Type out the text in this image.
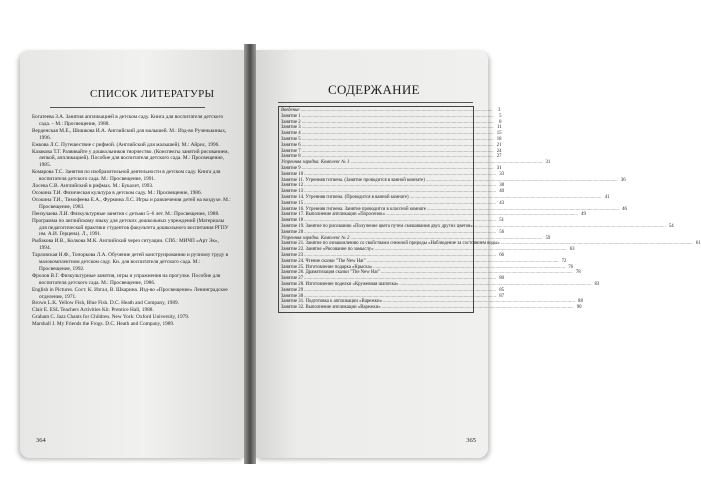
СПИСОК ЛИТЕРАТУРЫ

Богатеева З.А. Занятия аппликацией в детском саду. Книга для воспитателя детского сада. – М.: Просвещение, 1988.

Верденская М.Е., Шишкова И.А. Английский для малышей. М.: Изд-во Рученькиных, 1996.

Ежкова Л.С. Путешествие с рифмой. (Английский для малышей). М.: Айрис, 1996.

Казакова Т.Г. Развивайте у дошкольников творчество. (Конспекты занятий рисованием, лепкой, аппликацией). Пособие для воспитателя детского сада. М.: Просвещение, 1985.

Комарова Т.С. Занятия по изобразительной деятельности в детском саду. Книга для воспитателя детского сада. М.: Просвещение, 1991.

Лосева С.В. Английский в рифмах. М.: Букалет, 1993.

Осокина Т.И. Физическая культура в детском саду. М.: Просвещение, 1986.

Осокина Т.И., Тимофеева Е.А., Фурмина Л.С. Игры и развлечения детей на воздухе. М.: Просвещение, 1983.

Пензулаева Л.И. Физкультурные занятия с детьми 5–6 лет. М.: Просвещение, 1988.

Программа по английскому языку для детских дошкольных учреждений (Материалы для педагогической практики студентов факультета дошкольного воспитания РГПУ им. А.И. Герцена). Л., 1991.

Рыбакова И.В., Колкова М.К. Английский через ситуации. СПб.: МИЧП «Арт Эк», 1994.

Тарловская Н.Ф., Топоркова Л.А. Обучение детей конструированию и ручному труду в малокомплектном детском саду. Кн. для воспитателя детского сада. М.: Просвещение, 1992.

Фролов В.Г. Физкультурные занятия, игры и упражнения на прогулке. Пособие для воспитателя детского сада. М.: Просвещение, 1986.

English in Pictures. Сост. К. Изгал, В. Шкарина. Изд-во «Просвещение» Ленинградское отделение, 1971.

Brown L.K. Yellow Fish, Blue Fish. D.C. Heath and Company, 1989.

Clair E. ESL Teachers Activities Kit. Prentice Hall, 1988.

Graham C. Jazz Chants for Children. New York: Oxford University, 1979.

Marshall J. My Friends the Frogs. D.C. Heath and Company, 1989.

364
СОДЕРЖАНИЕ
Введение .....	3
Занятие 1 .....	5
Занятие 2 .....	8
Занятие 3 .....	11
Занятие 4 .....	15
Занятие 5 .....	18
Занятие 6 .....	21
Занятие 7 .....	24
Занятие 8 .....	27
Утренняя зарядка. Комплекс № 1 .....	31
Занятие 9 .....	31
Занятие 10 .....	33
Занятие 11. Утренняя гигиена. (Занятие проводится в ванной комнате) .....	36
Занятие 12 .....	38
Занятие 13 .....	40
Занятие 14. Утренняя гигиена. (Проводится в ванной комнате) .....	41
Занятие 15 .....	43
Занятие 16. Утренняя гигиена. Занятие проводится в классной комнате .....	46
Занятие 17. Выполнение аппликации «Поросенок» .....	49
Занятие 18 .....	51
Занятие 19. Занятие по рисованию «Получение цвета путем смешивания двух других цветов» .....	54
Занятие 20 .....	56
Утренняя зарядка. Комплекс № 2 .....	59
Занятие 21. Занятие по ознакомлению со свойствами снежной природы «Наблюдение за состоянием воды» .....	61
Занятие 22. Занятие «Рисование по замыслу» .....	63
Занятие 23 .....	66
Занятие 24. Чтение сказки "The New Hat" .....	72
Занятие 25. Изготовление подарка «Крыска» .....	76
Занятие 26. Драматизация сказки "The New Hat" .....	78
Занятие 27 .....	80
Занятие 28. Изготовление поделки «Кружевная шапочка» .....	83
Занятие 29 .....	85
Занятие 30 .....	87
Занятие 31. Подготовка к аппликации «Варежки» .....	88
Занятие 32. Выполнение аппликации «Варежки» .....	90
365
